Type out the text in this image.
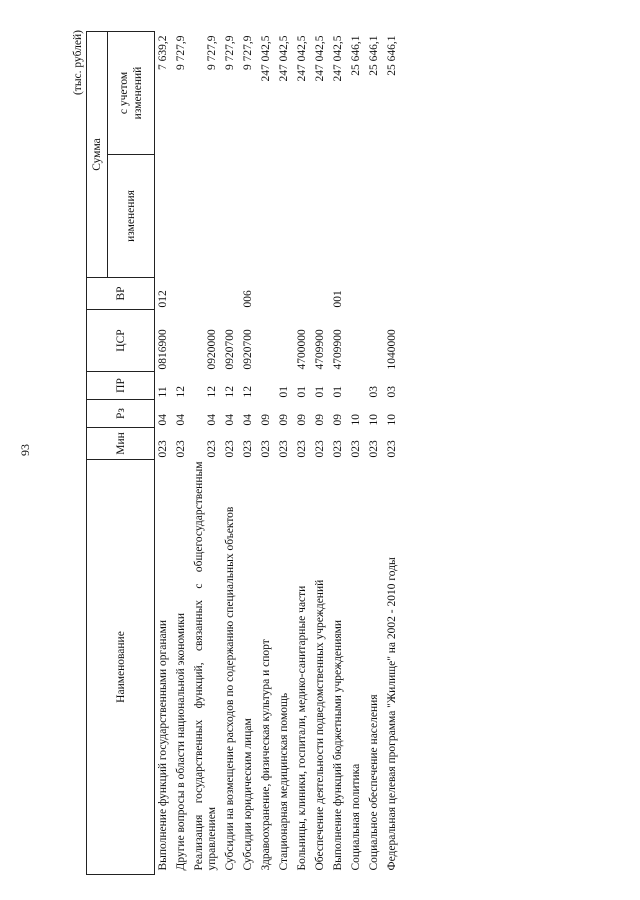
93
(тыс. рублей)
Наименование	Мин	Рз	ПР	ЦСР	ВР	Сумма	
						изменения	с учетом изменений
Выполнение функций государственными органами	023	04	11	0816900	012		7 639,2
Другие вопросы в области национальной экономики	023	04	12				9 727,9
Реализация государственных функций, связанных с общегосударственным управлением	023	04	12	0920000			9 727,9
Субсидии на возмещение расходов по содержанию специальных объектов	023	04	12	0920700			9 727,9
Субсидии юридическим лицам	023	04	12	0920700	006		9 727,9
Здравоохранение, физическая культура и спорт	023	09					247 042,5
Стационарная медицинская помощь	023	09	01				247 042,5
Больницы, клиники, госпитали, медико-санитарные части	023	09	01	4700000			247 042,5
Обеспечение деятельности подведомственных учреждений	023	09	01	4709900			247 042,5
Выполнение функций бюджетными учреждениями	023	09	01	4709900	001		247 042,5
Социальная политика	023	10					25 646,1
Социальное обеспечение населения	023	10	03				25 646,1
Федеральная целевая программа "Жилище" на 2002 - 2010 годы	023	10	03	1040000			25 646,1
